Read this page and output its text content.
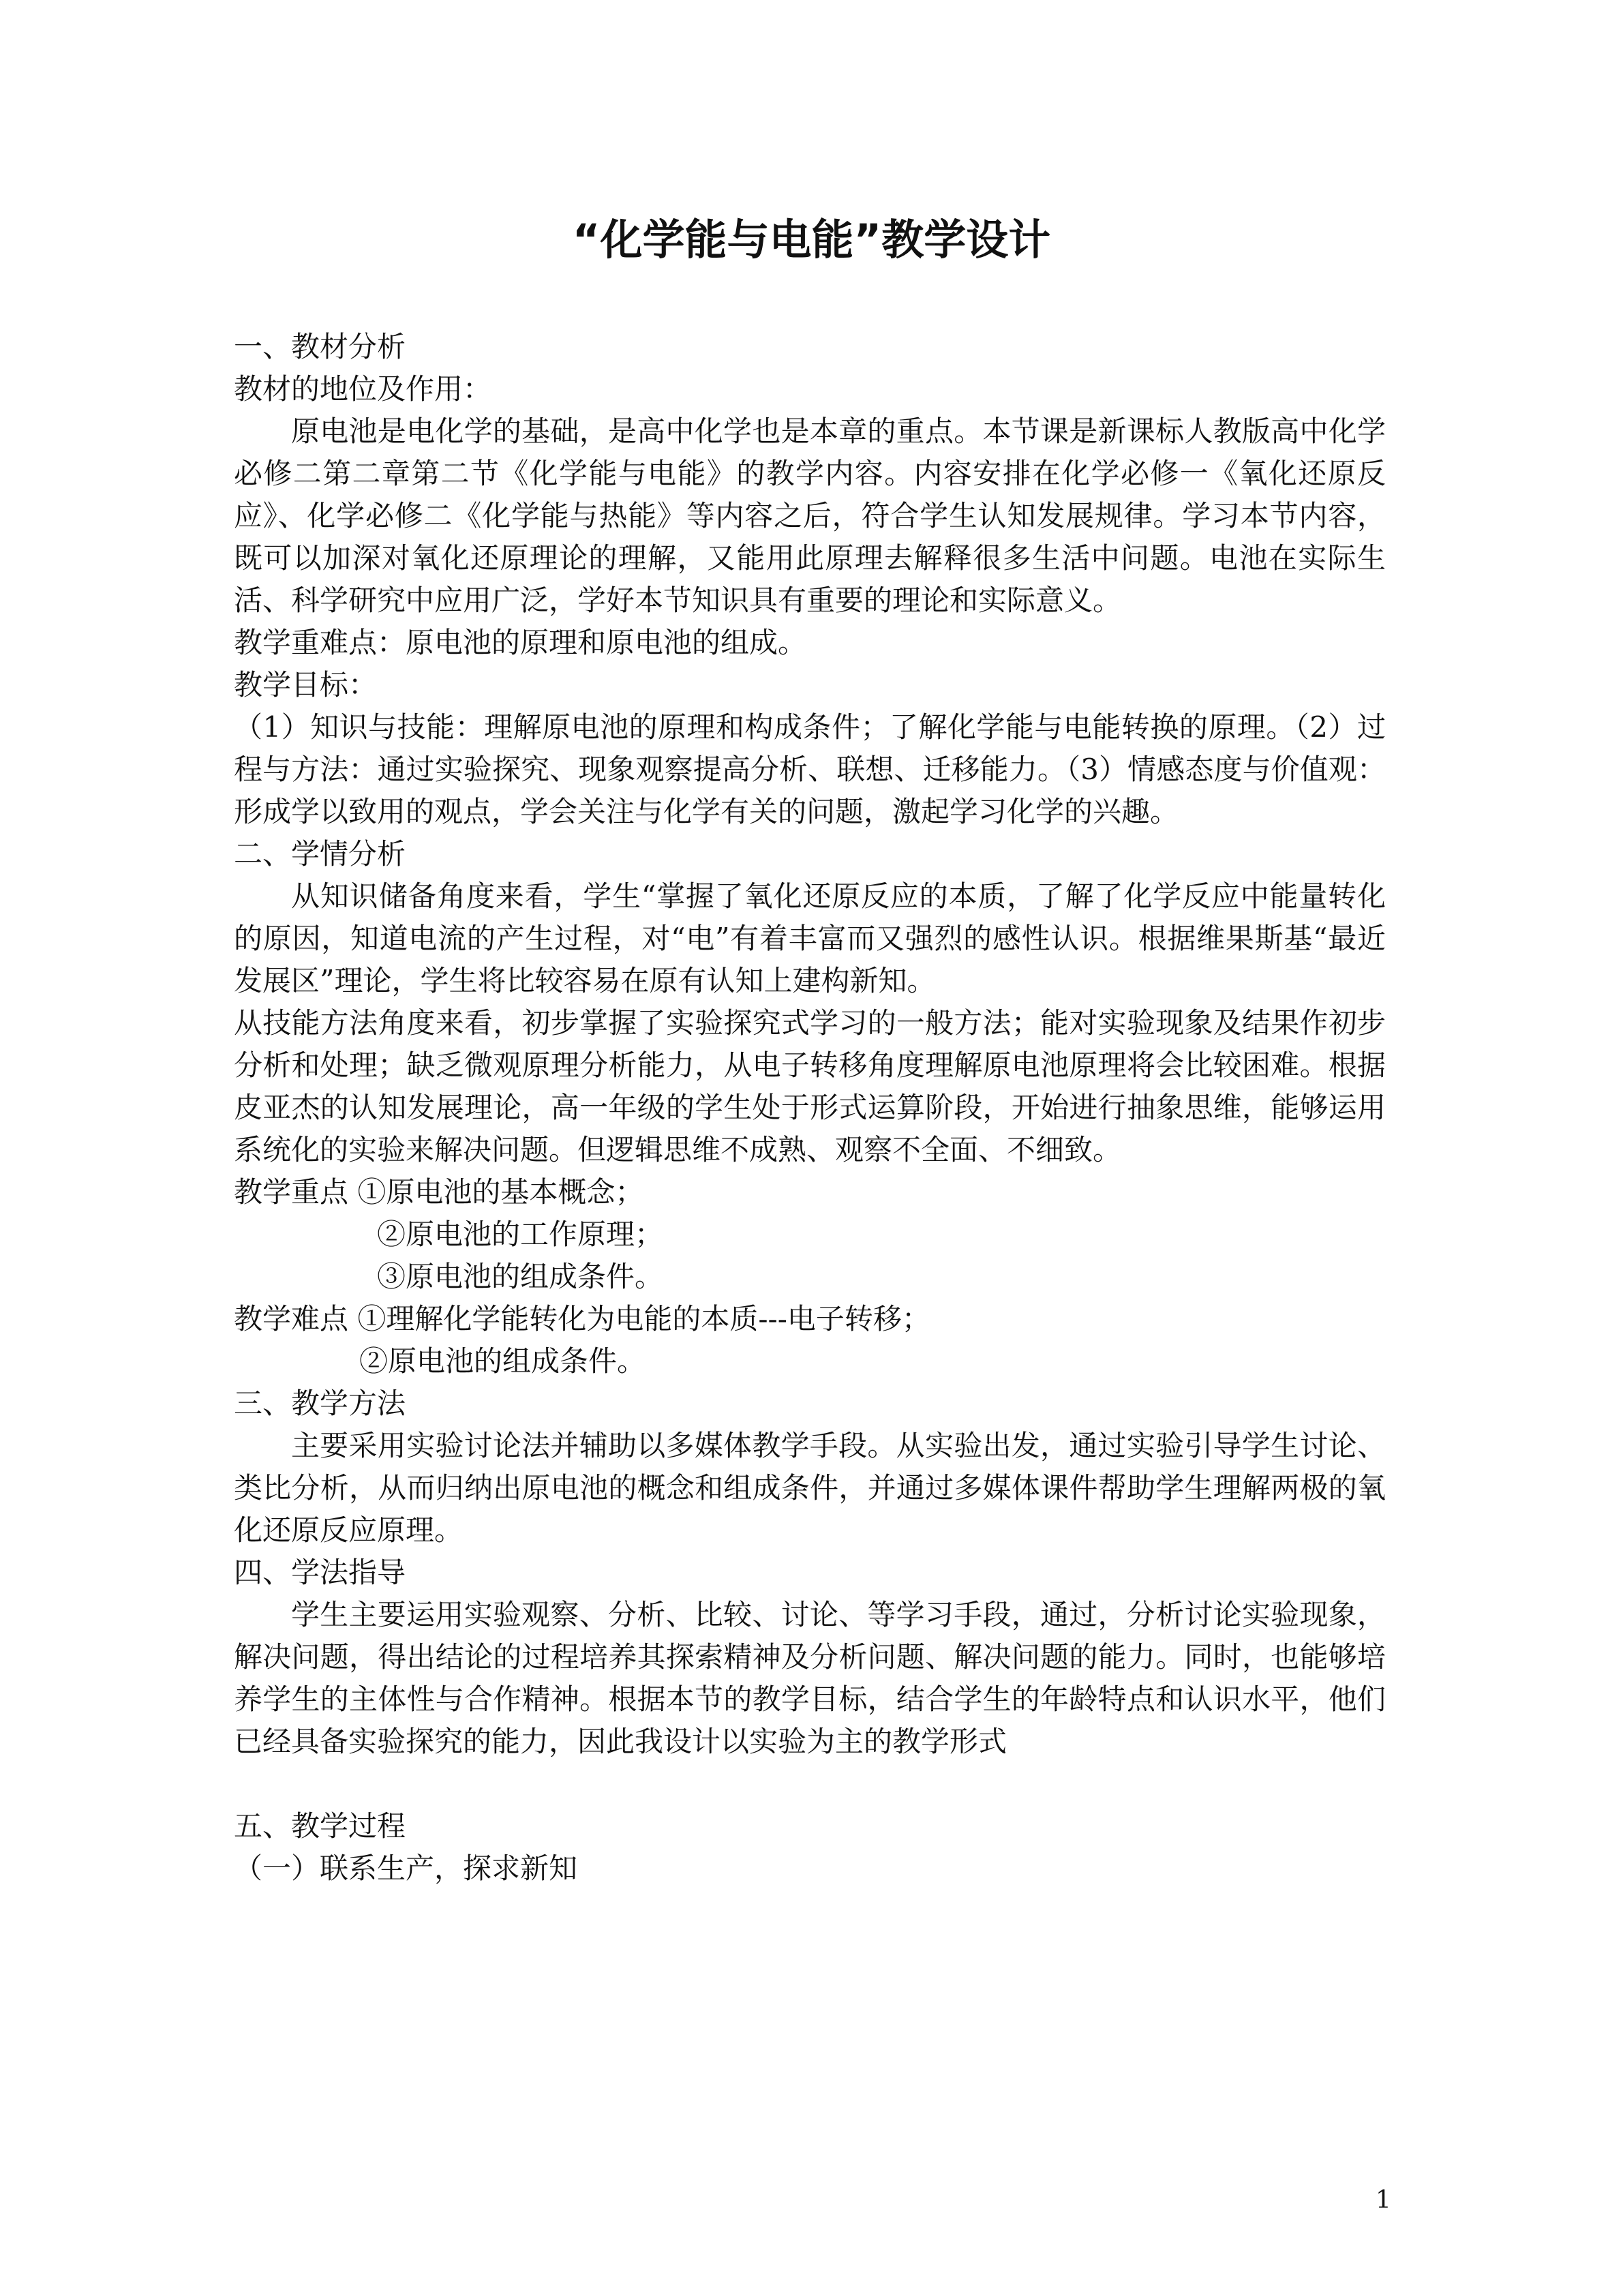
“化学能与电能”教学设计

一、教材分析

教材的地位及作用：

原电池是电化学的基础，是高中化学也是本章的重点。本节课是新课标人教版高中化学必修二第二章第二节《化学能与电能》的教学内容。内容安排在化学必修一《氧化还原反应》、化学必修二《化学能与热能》等内容之后，符合学生认知发展规律。学习本节内容，既可以加深对氧化还原理论的理解，又能用此原理去解释很多生活中问题。电池在实际生活、科学研究中应用广泛，学好本节知识具有重要的理论和实际意义。

教学重难点：原电池的原理和原电池的组成。

教学目标：

（1）知识与技能：理解原电池的原理和构成条件；了解化学能与电能转换的原理。（2）过程与方法：通过实验探究、现象观察提高分析、联想、迁移能力。（3）情感态度与价值观：形成学以致用的观点，学会关注与化学有关的问题，激起学习化学的兴趣。

二、学情分析

从知识储备角度来看，学生“掌握了氧化还原反应的本质，了解了化学反应中能量转化的原因，知道电流的产生过程，对“电”有着丰富而又强烈的感性认识。根据维果斯基“最近发展区”理论，学生将比较容易在原有认知上建构新知。

从技能方法角度来看，初步掌握了实验探究式学习的一般方法；能对实验现象及结果作初步分析和处理；缺乏微观原理分析能力，从电子转移角度理解原电池原理将会比较困难。根据皮亚杰的认知发展理论，高一年级的学生处于形式运算阶段，开始进行抽象思维，能够运用系统化的实验来解决问题。但逻辑思维不成熟、观察不全面、不细致。

教学重点 ①原电池的基本概念；

②原电池的工作原理；

③原电池的组成条件。

教学难点 ①理解化学能转化为电能的本质---电子转移；

②原电池的组成条件。

三、教学方法

主要采用实验讨论法并辅助以多媒体教学手段。从实验出发，通过实验引导学生讨论、类比分析，从而归纳出原电池的概念和组成条件，并通过多媒体课件帮助学生理解两极的氧化还原反应原理。

四、学法指导

学生主要运用实验观察、分析、比较、讨论、等学习手段，通过，分析讨论实验现象，解决问题，得出结论的过程培养其探索精神及分析问题、解决问题的能力。同时，也能够培养学生的主体性与合作精神。根据本节的教学目标，结合学生的年龄特点和认识水平，他们已经具备实验探究的能力，因此我设计以实验为主的教学形式

五、教学过程

（一）联系生产，探求新知

1
